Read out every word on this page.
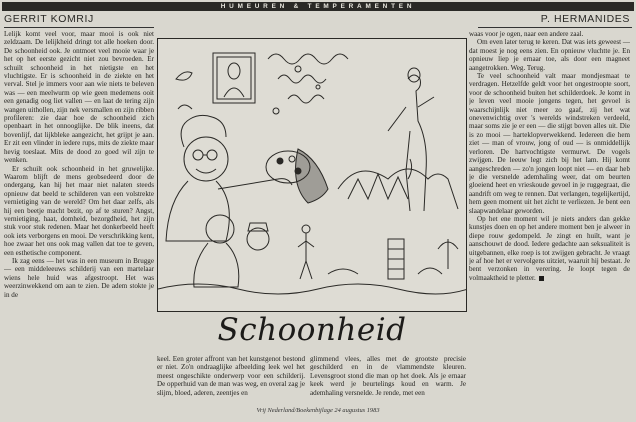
HUMEUREN & TEMPERAMENTEN
GERRIT KOMRIJ	P. HERMANIDES

Lelijk komt veel voor, maar mooi is ook niet zeldzaam. De lelijkheid dringt tot alle hoeken door. De schoonheid ook. Je ontmoet veel mooie waar je het op het eerste gezicht niet zou bevroeden. Er schuilt schoonheid in het nietigste en het vluchtigste. Er is schoonheid in de ziekte en het verval. Stel je immers voor aan wie niets te beleven was — een meelwurm op wie geen medemens ooit een genadig oog liet vallen — en laat de tering zijn wangen uithollen, zijn nek versmallen en zijn ribben profileren: zie daar hoe de schoonheid zich openbaart in het onnooglijke. De blik ineens, dat bovenlijf, dat lijkbleke aangezicht, het grijpt je aan. Er zit een vlinder in iedere rups, mits de ziekte maar hevig toeslaat. Mits de dood zo goed wil zijn te wenken.

Er schuilt ook schoonheid in het gruwelijke. Waarom blijft de mens geobsedeerd door de ondergang, kan hij het maar niet nalaten steeds opnieuw dat beeld te schilderen van een volstrekte vernietiging van de wereld? Om het daar zelfs, als hij een beetje macht bezit, op af te sturen? Angst, vernietiging, haat, domheid, bezorgdheid, het zijn stuk voor stuk redenen. Maar het donkerbeeld heeft ook iets verborgens en mooi. De verschrikking kent, hoe zwaar het ons ook mag vallen dat toe te geven, een esthetische component.

Ik zag eens — het was in een museum in Brugge — een middeleeuws schilderij van een martelaar wiens hele huid was afgestroopt. Het was weerzinwekkend om aan te zien. De adem stokte je in de

Schoonheid

keel. Een groter affront van het kunstgenot bestond er niet. Zo'n ondraaglijke afbeelding leek wel het meest ongeschikte onderwerp voor een schilderij. De opperhuid van de man was weg, en overal zag je slijm, bloed, aderen, zeentjes en

glimmend vlees, alles met de grootste precisie geschilderd en in de vlammendste kleuren. Levensgroot stond die man op het doek. Als je ernaar keek werd je beurtelings koud en warm. Je ademhaling versnelde. Je rende, met een

waas voor je ogen, naar een andere zaal.

Om even later terug te keren. Dat was iets geweest — dat moest je nog eens zien. En opnieuw vluchtte je. En opnieuw liep je ernaar toe, als door een magneet aangetrokken. Weg. Terug.

Te veel schoonheid valt maar mondjesmaat te verdragen. Hetzelfde geldt voor het ongestroopte soort, voor de schoonheid buiten het schilderdoek. Je komt in je leven veel mooie jongens tegen, het gevoel is waarschijnlijk niet meer zo gaaf, zij het wat onevenwichtig over 's werelds windstreken verdeeld, maar soms zie je er een — die stijgt boven alles uit. Die is zo mooi — harteklopverwekkend. Iedereen die hem ziet — man of vrouw, jong of oud — is onmiddellijk verloren. De hartvochtigste vermurwt. De vogels zwijgen. De leeuw legt zich bij het lam. Hij komt aangeschreden — zo'n jongen loopt niet — en daar heb je die versnelde ademhaling weer, dat om beurten gloeiend heet en vrieskoude gevoel in je ruggegraat, die aandrift om weg te rennen. Dat verlangen, tegelijkertijd, hem geen moment uit het zicht te verliezen. Je bent een slaapwandelaar geworden.

Op het ene moment wil je niets anders dan gekke kunstjes doen en op het andere moment ben je alweer in diepe rouw gedompeld. Je zingt en huilt, want je aanschouwt de dood. Iedere gedachte aan seksualiteit is uitgebannen, elke roep is tot zwijgen gebracht. Je vraagt je af hoe het er vervolgens uitziet, waaruit hij bestaat. Je bent verzonken in verering. Je loopt tegen de volmaaktheid te pletter.

Vrij Nederland/Boekenbijlage 24 augustus 1983
